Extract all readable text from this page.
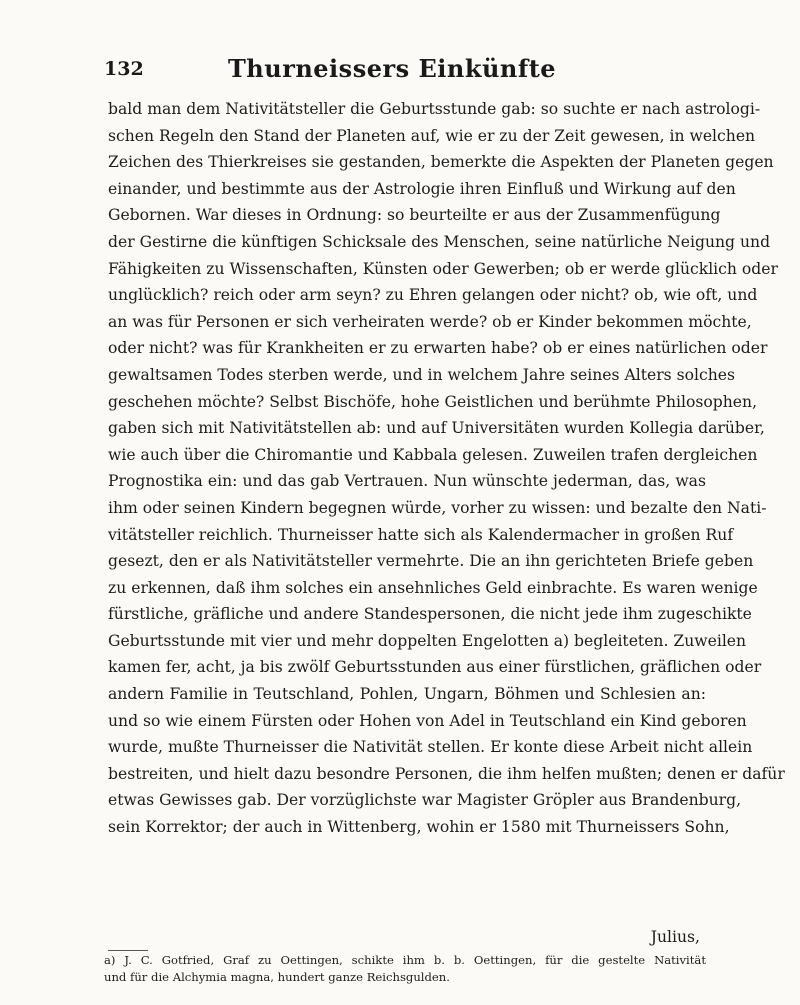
132	Thurneissers Einkünfte
bald man dem Nativitätsteller die Geburtsstunde gab: so suchte er nach astrologi-
schen Regeln den Stand der Planeten auf, wie er zu der Zeit gewesen, in welchen
Zeichen des Thierkreises sie gestanden, bemerkte die Aspekten der Planeten gegen
einander, und bestimmte aus der Astrologie ihren Einfluß und Wirkung auf den
Gebornen. War dieses in Ordnung: so beurteilte er aus der Zusammenfügung
der Gestirne die künftigen Schicksale des Menschen, seine natürliche Neigung und
Fähigkeiten zu Wissenschaften, Künsten oder Gewerben; ob er werde glücklich oder
unglücklich? reich oder arm seyn? zu Ehren gelangen oder nicht? ob, wie oft, und
an was für Personen er sich verheiraten werde? ob er Kinder bekommen möchte,
oder nicht? was für Krankheiten er zu erwarten habe? ob er eines natürlichen oder
gewaltsamen Todes sterben werde, und in welchem Jahre seines Alters solches
geschehen möchte? Selbst Bischöfe, hohe Geistlichen und berühmte Philosophen,
gaben sich mit Nativitätstellen ab: und auf Universitäten wurden Kollegia darüber,
wie auch über die Chiromantie und Kabbala gelesen. Zuweilen trafen dergleichen
Prognostika ein: und das gab Vertrauen. Nun wünschte jederman, das, was
ihm oder seinen Kindern begegnen würde, vorher zu wissen: und bezalte den Nati-
vitätsteller reichlich. Thurneisser hatte sich als Kalendermacher in großen Ruf
gesezt, den er als Nativitätsteller vermehrte. Die an ihn gerichteten Briefe geben
zu erkennen, daß ihm solches ein ansehnliches Geld einbrachte. Es waren wenige
fürstliche, gräfliche und andere Standespersonen, die nicht jede ihm zugeschikte
Geburtsstunde mit vier und mehr doppelten Engelotten a) begleiteten. Zuweilen
kamen fer, acht, ja bis zwölf Geburtsstunden aus einer fürstlichen, gräflichen oder
andern Familie in Teutschland, Pohlen, Ungarn, Böhmen und Schlesien an:
und so wie einem Fürsten oder Hohen von Adel in Teutschland ein Kind geboren
wurde, mußte Thurneisser die Nativität stellen. Er konte diese Arbeit nicht allein
bestreiten, und hielt dazu besondre Personen, die ihm helfen mußten; denen er dafür
etwas Gewisses gab. Der vorzüglichste war Magister Gröpler aus Brandenburg,
sein Korrektor; der auch in Wittenberg, wohin er 1580 mit Thurneissers Sohn,
Julius,
a) J. C. Gotfried, Graf zu Oettingen, schikte ihm b. b. Oettingen, für die gestelte Nativität
und für die Alchymia magna, hundert ganze Reichsgulden.
